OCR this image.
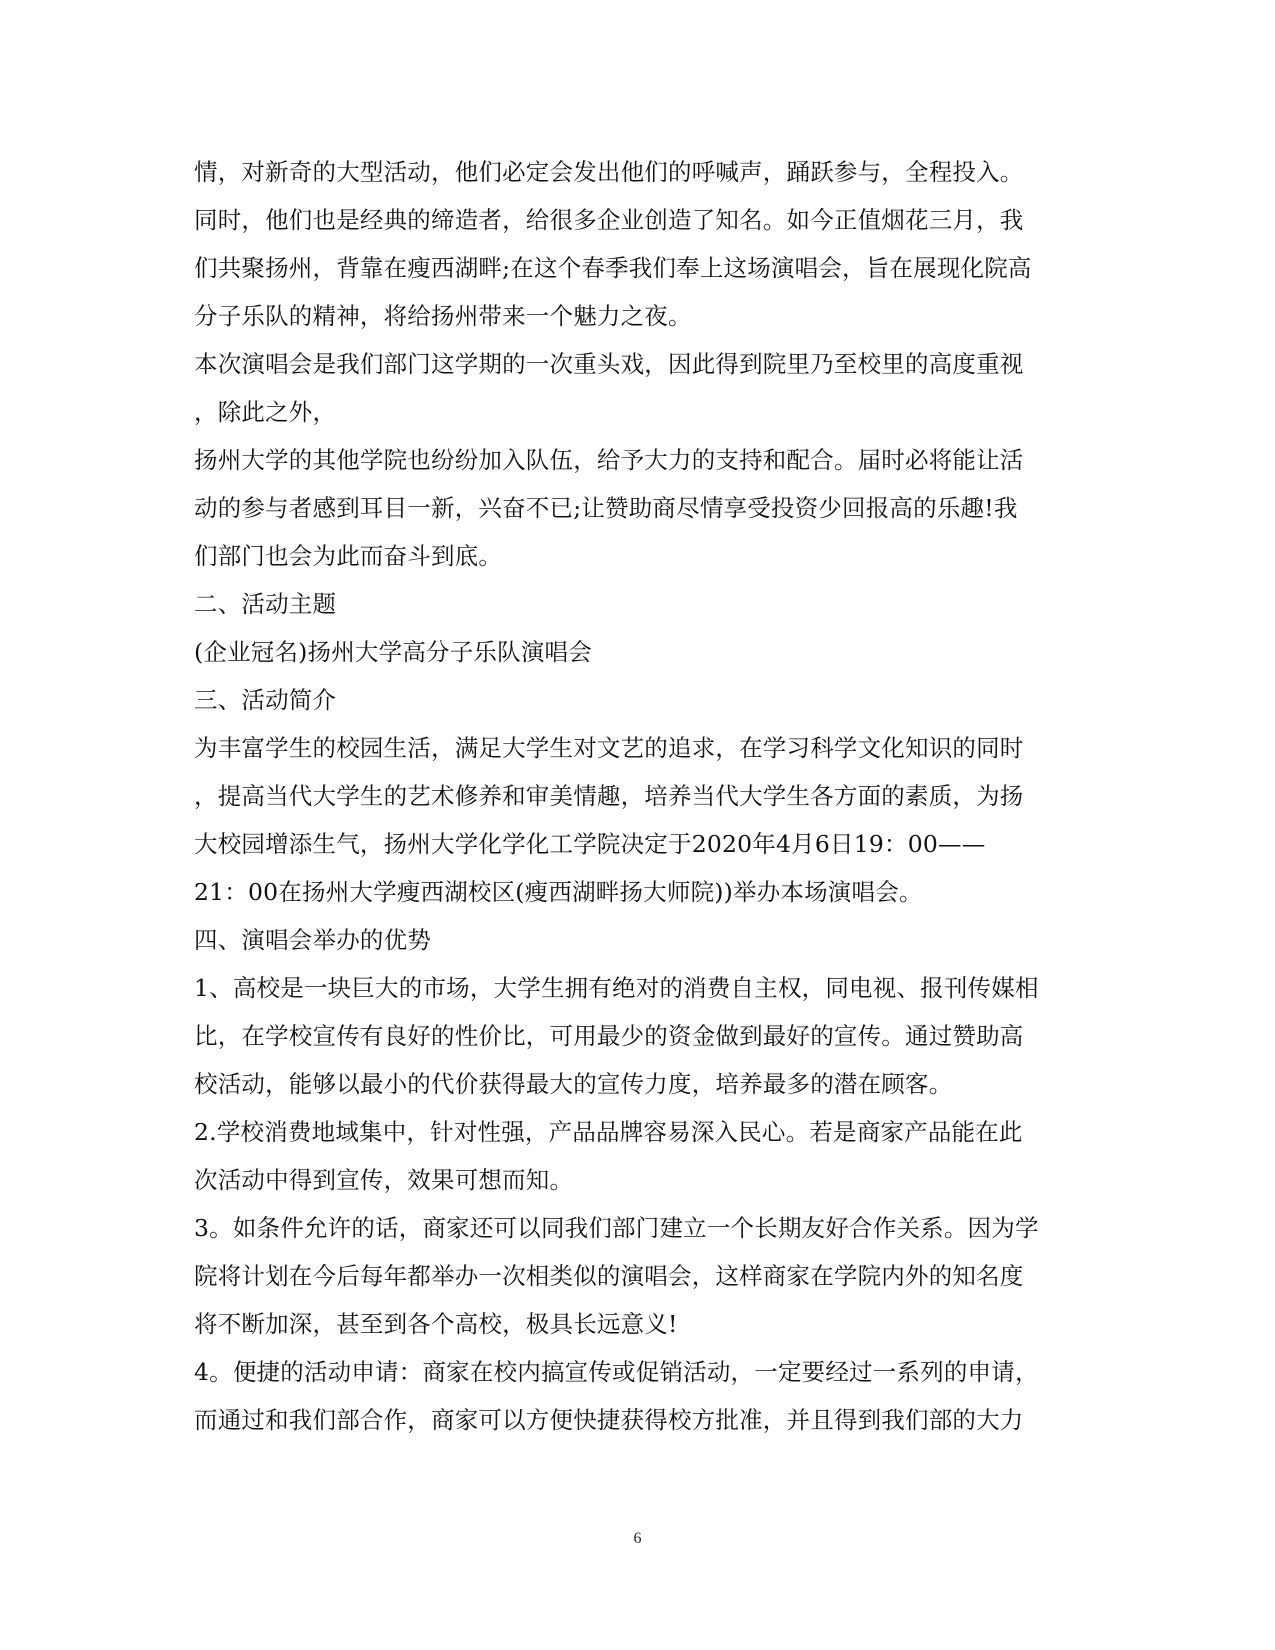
情，对新奇的大型活动，他们必定会发出他们的呼喊声，踊跃参与，全程投入。
同时，他们也是经典的缔造者，给很多企业创造了知名。如今正值烟花三月，我
们共聚扬州，背靠在瘦西湖畔;在这个春季我们奉上这场演唱会，旨在展现化院高
分子乐队的精神，将给扬州带来一个魅力之夜。
本次演唱会是我们部门这学期的一次重头戏，因此得到院里乃至校里的高度重视
，除此之外，
扬州大学的其他学院也纷纷加入队伍，给予大力的支持和配合。届时必将能让活
动的参与者感到耳目一新，兴奋不已;让赞助商尽情享受投资少回报高的乐趣!我
们部门也会为此而奋斗到底。
二、活动主题
(企业冠名)扬州大学高分子乐队演唱会
三、活动简介
为丰富学生的校园生活，满足大学生对文艺的追求，在学习科学文化知识的同时
，提高当代大学生的艺术修养和审美情趣，培养当代大学生各方面的素质，为扬
大校园增添生气，扬州大学化学化工学院决定于2020年4月6日19：00——
21：00在扬州大学瘦西湖校区(瘦西湖畔扬大师院))举办本场演唱会。
四、演唱会举办的优势
1、高校是一块巨大的市场，大学生拥有绝对的消费自主权，同电视、报刊传媒相
比，在学校宣传有良好的性价比，可用最少的资金做到最好的宣传。通过赞助高
校活动，能够以最小的代价获得最大的宣传力度，培养最多的潜在顾客。
2.学校消费地域集中，针对性强，产品品牌容易深入民心。若是商家产品能在此
次活动中得到宣传，效果可想而知。
3。如条件允许的话，商家还可以同我们部门建立一个长期友好合作关系。因为学
院将计划在今后每年都举办一次相类似的演唱会，这样商家在学院内外的知名度
将不断加深，甚至到各个高校，极具长远意义!
4。便捷的活动申请：商家在校内搞宣传或促销活动，一定要经过一系列的申请，
而通过和我们部合作，商家可以方便快捷获得校方批准，并且得到我们部的大力
6
